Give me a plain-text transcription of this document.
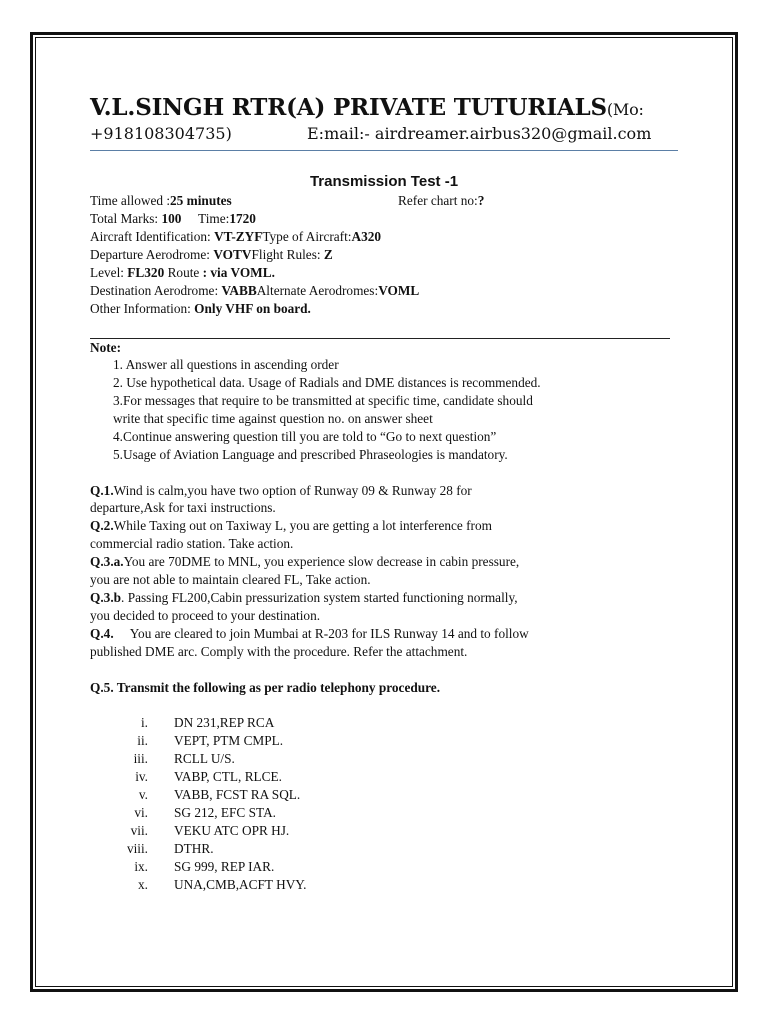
V.L.SINGH RTR(A) PRIVATE TUTURIALS(Mo:
+918108304735)	E:mail:- airdreamer.airbus320@gmail.com
Transmission Test -1
Time allowed :25 minutes	Refer chart no:?
Total Marks: 100 Time:1720
Aircraft Identification: VT-ZYFType of Aircraft:A320
Departure Aerodrome: VOTVFlight Rules: Z
Level: FL320 Route : via VOML.
Destination Aerodrome: VABBAlternate Aerodromes:VOML
Other Information: Only VHF on board.
Note:
1. Answer all questions in ascending order
2. Use hypothetical data. Usage of Radials and DME distances is recommended.
3.For messages that require to be transmitted at specific time, candidate should
write that specific time against question no. on answer sheet
4.Continue answering question till you are told to “Go to next question”
5.Usage of Aviation Language and prescribed Phraseologies is mandatory.
Q.1.Wind is calm,you have two option of Runway 09 & Runway 28 for
departure,Ask for taxi instructions.
Q.2.While Taxing out on Taxiway L, you are getting a lot interference from
commercial radio station. Take action.
Q.3.a.You are 70DME to MNL, you experience slow decrease in cabin pressure,
you are not able to maintain cleared FL, Take action.
Q.3.b. Passing FL200,Cabin pressurization system started functioning normally,
you decided to proceed to your destination.
Q.4.     You are cleared to join Mumbai at R-203 for ILS Runway 14 and to follow
published DME arc. Comply with the procedure. Refer the attachment.
Q.5. Transmit the following as per radio telephony procedure.
i. DN 231,REP RCA
ii. VEPT, PTM CMPL.
iii. RCLL U/S.
iv. VABP, CTL, RLCE.
v. VABB, FCST RA SQL.
vi. SG 212, EFC STA.
vii. VEKU ATC OPR HJ.
viii. DTHR.
ix. SG 999, REP IAR.
x. UNA,CMB,ACFT HVY.
